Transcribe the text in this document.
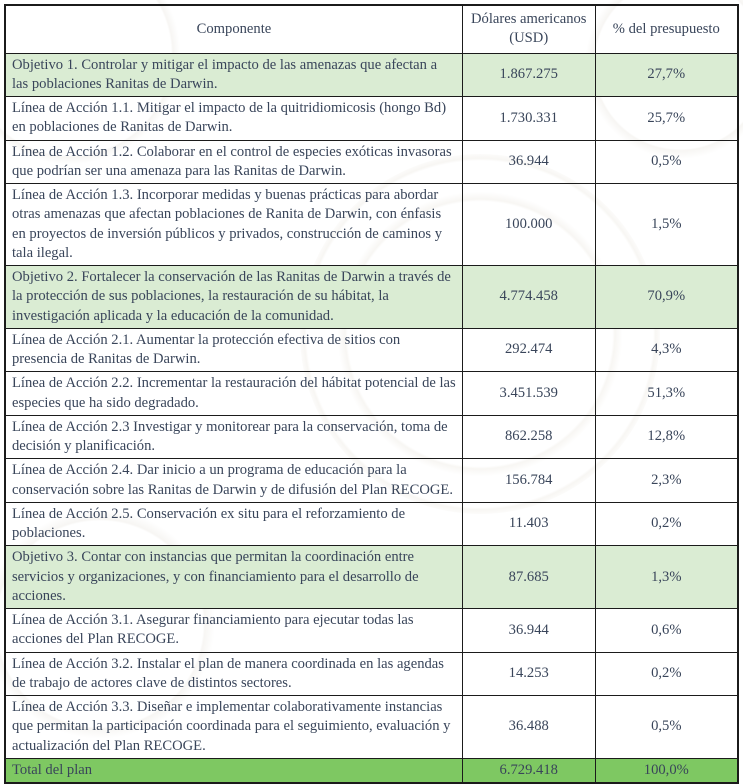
Componente	Dólares americanos (USD)	% del presupuesto
Objetivo 1. Controlar y mitigar el impacto de las amenazas que afectan a las poblaciones Ranitas de Darwin.	1.867.275	27,7%
Línea de Acción 1.1. Mitigar el impacto de la quitridiomicosis (hongo Bd) en poblaciones de Ranitas de Darwin.	1.730.331	25,7%
Línea de Acción 1.2. Colaborar en el control de especies exóticas invasoras que podrían ser una amenaza para las Ranitas de Darwin.	36.944	0,5%
Línea de Acción 1.3. Incorporar medidas y buenas prácticas para abordar otras amenazas que afectan poblaciones de Ranita de Darwin, con énfasis en proyectos de inversión públicos y privados, construcción de caminos y tala ilegal.	100.000	1,5%
Objetivo 2. Fortalecer la conservación de las Ranitas de Darwin a través de la protección de sus poblaciones, la restauración de su hábitat, la investigación aplicada y la educación de la comunidad.	4.774.458	70,9%
Línea de Acción 2.1. Aumentar la protección efectiva de sitios con presencia de Ranitas de Darwin.	292.474	4,3%
Línea de Acción 2.2. Incrementar la restauración del hábitat potencial de las especies que ha sido degradado.	3.451.539	51,3%
Línea de Acción 2.3 Investigar y monitorear para la conservación, toma de decisión y planificación.	862.258	12,8%
Línea de Acción 2.4. Dar inicio a un programa de educación para la conservación sobre las Ranitas de Darwin y de difusión del Plan RECOGE.	156.784	2,3%
Línea de Acción 2.5. Conservación ex situ para el reforzamiento de poblaciones.	11.403	0,2%
Objetivo 3. Contar con instancias que permitan la coordinación entre servicios y organizaciones, y con financiamiento para el desarrollo de acciones.	87.685	1,3%
Línea de Acción 3.1. Asegurar financiamiento para ejecutar todas las acciones del Plan RECOGE.	36.944	0,6%
Línea de Acción 3.2. Instalar el plan de manera coordinada en las agendas de trabajo de actores clave de distintos sectores.	14.253	0,2%
Línea de Acción 3.3. Diseñar e implementar colaborativamente instancias que permitan la participación coordinada para el seguimiento, evaluación y actualización del Plan RECOGE.	36.488	0,5%
Total del plan	6.729.418	100,0%
